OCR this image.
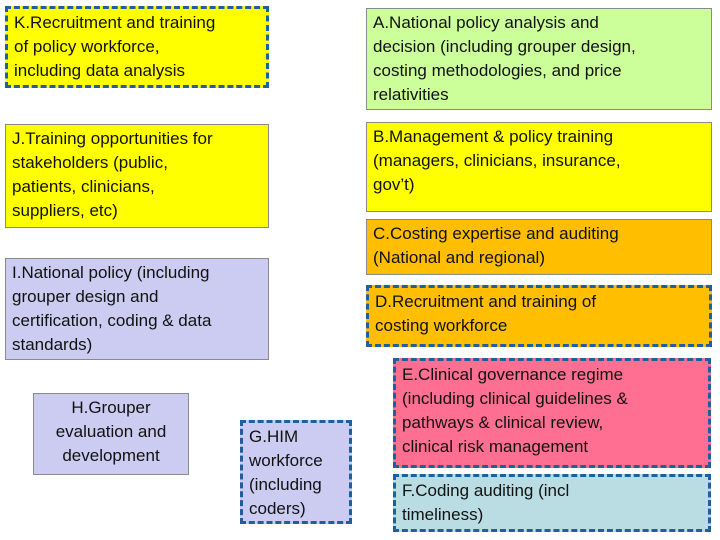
K.Recruitment and training
of policy workforce,
including data analysis
A.National policy analysis and
decision (including grouper design,
costing methodologies, and price
relativities
J.Training opportunities for
stakeholders (public,
patients, clinicians,
suppliers, etc)
B.Management & policy training
(managers, clinicians, insurance,
gov’t)
C.Costing expertise and auditing
(National and regional)
I.National policy (including
grouper design and
certification, coding & data
standards)
D.Recruitment and training of
costing workforce
H.Grouper
evaluation and
development
G.HIM
workforce
(including
coders)
E.Clinical governance regime
(including clinical guidelines &
pathways & clinical review,
clinical risk management
F.Coding auditing (incl
timeliness)
